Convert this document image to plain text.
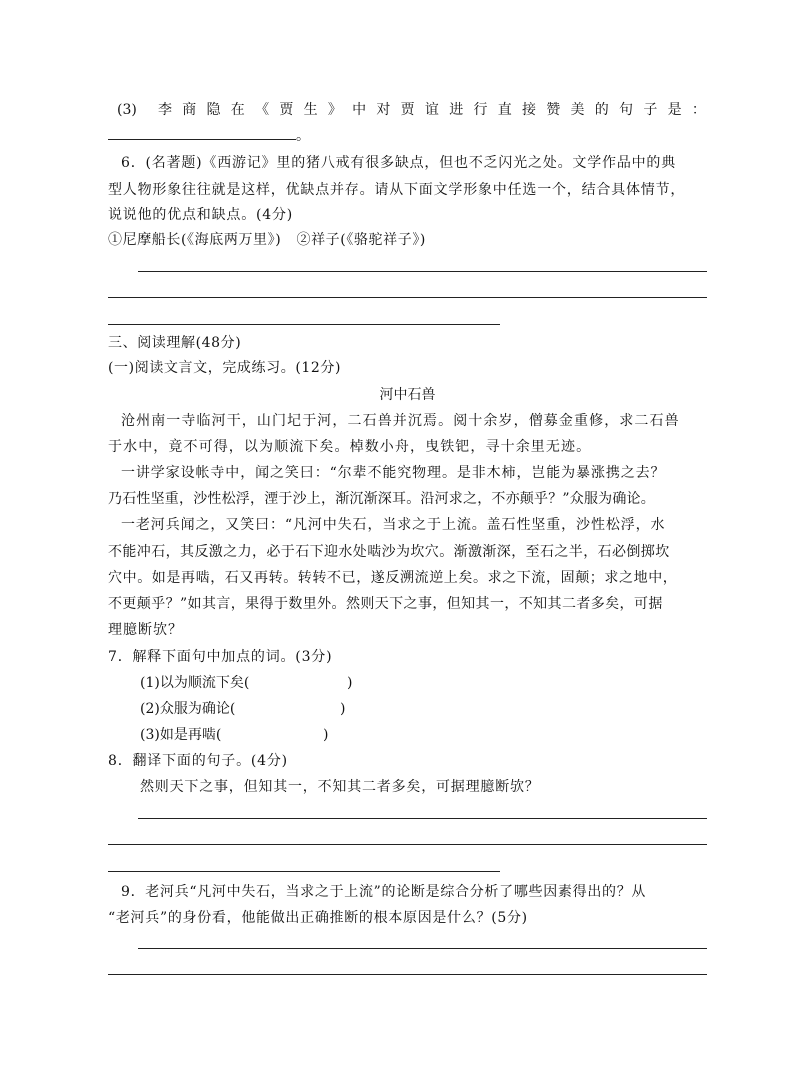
(3) 李 商 隐 在 《 贾 生 》 中 对 贾 谊 进 行 直 接 赞 美 的 句 子 是 ：
。
6．(名著题)《西游记》里的猪八戒有很多缺点，但也不乏闪光之处。文学作品中的典
型人物形象往往就是这样，优缺点并存。请从下面文学形象中任选一个，结合具体情节，
说说他的优点和缺点。(4分)
①尼摩船长(《海底两万里》)   ②祥子(《骆驼祥子》)
三、阅读理解(48分)
(一)阅读文言文，完成练习。(12分)
河中石兽
沧州南一寺临河干，山门圮于河，二石兽并沉焉。阅十余岁，僧募金重修，求二石兽
于水中，竟不可得，以为顺流下矣。棹数小舟，曳铁钯，寻十余里无迹。
一讲学家设帐寺中，闻之笑曰：“尔辈不能究物理。是非木柿，岂能为暴涨携之去？
乃石性坚重，沙性松浮，湮于沙上，渐沉渐深耳。沿河求之，不亦颠乎？”众服为确论。
一老河兵闻之，又笑曰：“凡河中失石，当求之于上流。盖石性坚重，沙性松浮，水
不能冲石，其反激之力，必于石下迎水处啮沙为坎穴。渐激渐深，至石之半，石必倒掷坎
穴中。如是再啮，石又再转。转转不已，遂反溯流逆上矣。求之下流，固颠；求之地中，
不更颠乎？”如其言，果得于数里外。然则天下之事，但知其一，不知其二者多矣，可据
理臆断欤？
7．解释下面句中加点的词。(3分)
(1)以为顺流下矣(	)
(2)众服为确论(	)
(3)如是再啮(	)
8．翻译下面的句子。(4分)
然则天下之事，但知其一，不知其二者多矣，可据理臆断欤？
9．老河兵“凡河中失石，当求之于上流”的论断是综合分析了哪些因素得出的？从
“老河兵”的身份看，他能做出正确推断的根本原因是什么？(5分)
